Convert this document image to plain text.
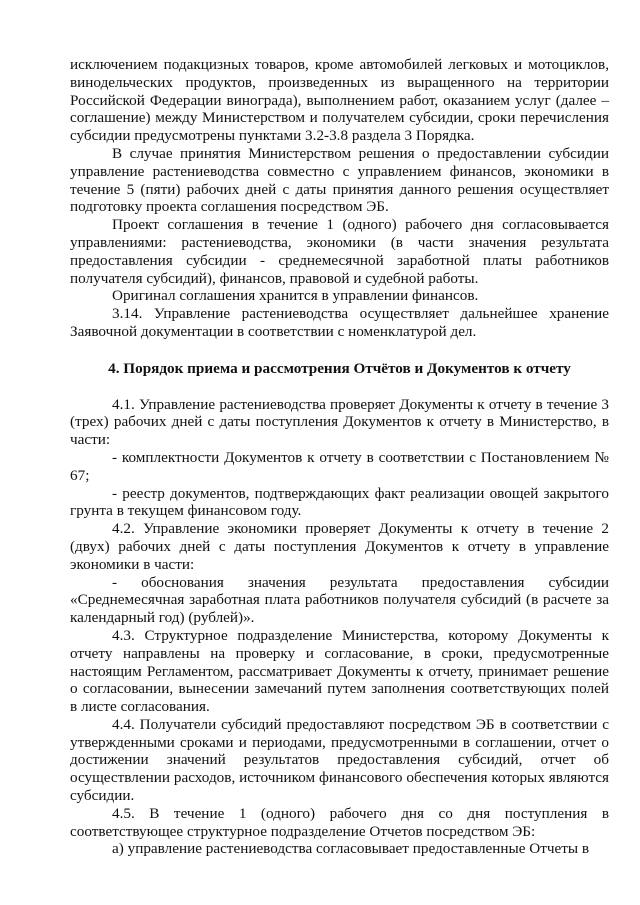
исключением подакцизных товаров, кроме автомобилей легковых и мотоциклов, винодельческих продуктов, произведенных из выращенного на территории Российской Федерации винограда), выполнением работ, оказанием услуг (далее – соглашение) между Министерством и получателем субсидии, сроки перечисления субсидии предусмотрены пунктами 3.2-3.8 раздела 3 Порядка.

В случае принятия Министерством решения о предоставлении субсидии управление растениеводства совместно с управлением финансов, экономики в течение 5 (пяти) рабочих дней с даты принятия данного решения осуществляет подготовку проекта соглашения посредством ЭБ.

Проект соглашения в течение 1 (одного) рабочего дня согласовывается управлениями: растениеводства, экономики (в части значения результата предоставления субсидии - среднемесячной заработной платы работников получателя субсидий), финансов, правовой и судебной работы.

Оригинал соглашения хранится в управлении финансов.

3.14. Управление растениеводства осуществляет дальнейшее хранение Заявочной документации в соответствии с номенклатурой дел.

4. Порядок приема и рассмотрения Отчётов и Документов к отчету

4.1. Управление растениеводства проверяет Документы к отчету в течение 3 (трех) рабочих дней с даты поступления Документов к отчету в Министерство, в части:

- комплектности Документов к отчету в соответствии с Постановлением № 67;

- реестр документов, подтверждающих факт реализации овощей закрытого грунта в текущем финансовом году.

4.2. Управление экономики проверяет Документы к отчету в течение 2 (двух) рабочих дней с даты поступления Документов к отчету в управление экономики в части:

- обоснования значения результата предоставления субсидии «Среднемесячная заработная плата работников получателя субсидий (в расчете за календарный год) (рублей)».

4.3. Структурное подразделение Министерства, которому Документы к отчету направлены на проверку и согласование, в сроки, предусмотренные настоящим Регламентом, рассматривает Документы к отчету, принимает решение о согласовании, вынесении замечаний путем заполнения соответствующих полей в листе согласования.

4.4. Получатели субсидий предоставляют посредством ЭБ в соответствии с утвержденными сроками и периодами, предусмотренными в соглашении, отчет о достижении значений результатов предоставления субсидий, отчет об осуществлении расходов, источником финансового обеспечения которых являются субсидии.

4.5. В течение 1 (одного) рабочего дня со дня поступления в соответствующее структурное подразделение Отчетов посредством ЭБ:

а) управление растениеводства согласовывает предоставленные Отчеты в
